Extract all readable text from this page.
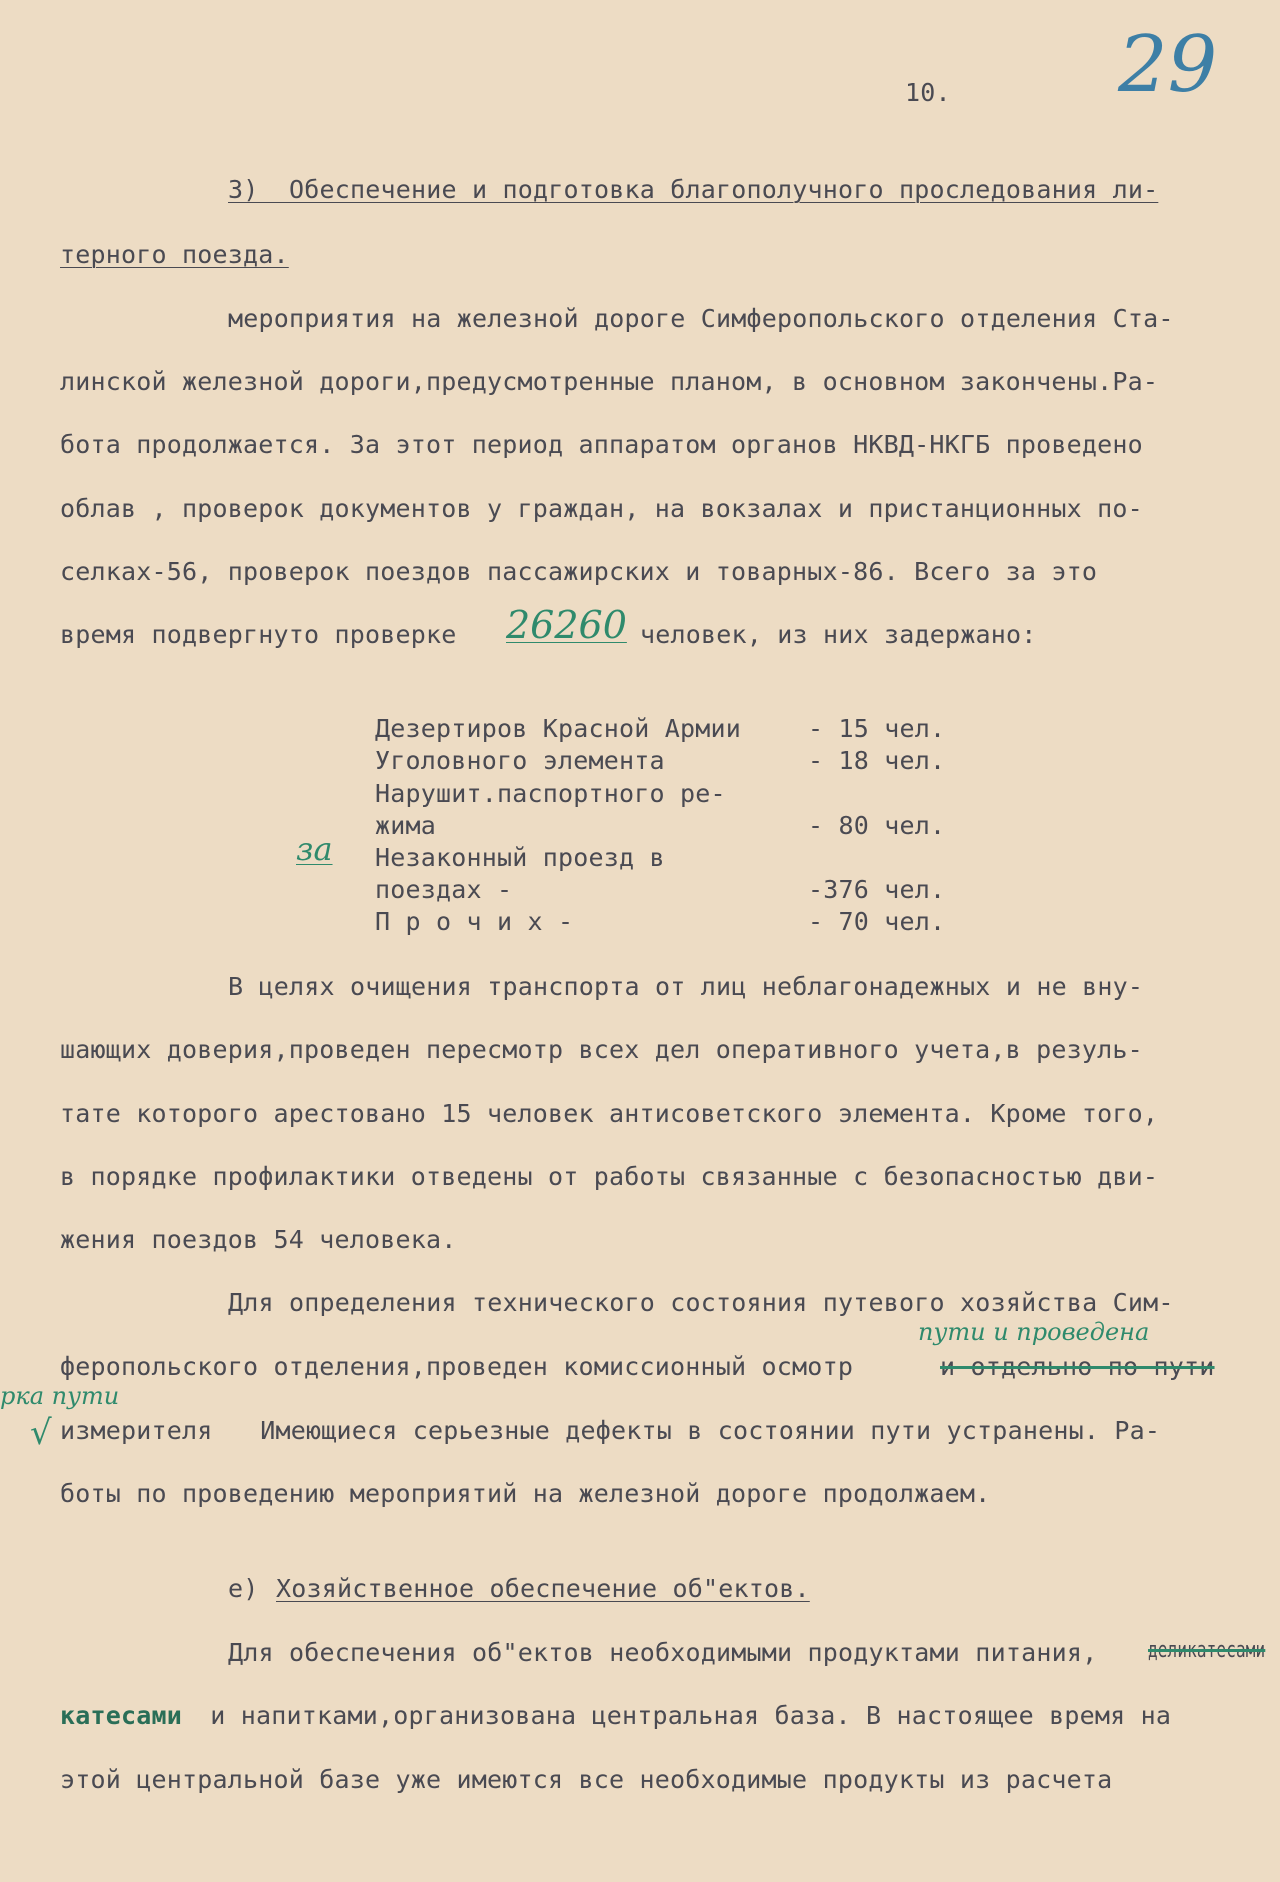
10. 29
3)  Обеспечение и подготовка благополучного проследования ли-
терного поезда.
мероприятия на железной дороге Симферопольского отделения Ста-
линской железной дороги,предусмотренные планом, в основном закончены.Ра-
бота продолжается. За этот период аппаратом органов НКВД-НКГБ проведено
облав , проверок документов у граждан, на вокзалах и пристанционных по-
селках-56, проверок поездов пассажирских и товарных-86. Всего за это
время подвергнуто проверке 26260 человек, из них задержано:
Дезертиров Красной Армии	- 15 чел.
Уголовного элемента	- 18 чел.
Нарушит.паспортного ре-
жима	- 80 чел.
за Незаконный проезд в
поездах -	-376 чел.
П р о ч и х -	- 70 чел.
В целях очищения транспорта от лиц неблагонадежных и не вну-
шающих доверия,проведен пересмотр всех дел оперативного учета,в резуль-
тате которого арестовано 15 человек антисоветского элемента. Кроме того,
в порядке профилактики отведены от работы связанные с безопасностью дви-
жения поездов 54 человека.
Для определения технического состояния путевого хозяйства Сим-
пути и проведена
феропольского отделения,проведен комиссионный осмотр	и отдельно по пути
рка пути
√ измерителя Имеющиеся серьезные дефекты в состоянии пути устранены. Ра-
боты по проведению мероприятий на железной дороге продолжаем.
е) Хозяйственное обеспечение об"ектов.
Для обеспечения об"ектов необходимыми продуктами питания, деликатесами
катесами и напитками,организована центральная база. В настоящее время на
этой центральной базе уже имеются все необходимые продукты из расчета
